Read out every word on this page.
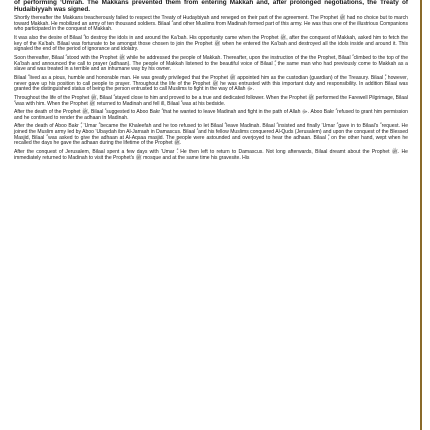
of performing ‘Umrah. The Makkans prevented them from entering Makkah and, after prolonged negotiations, the Treaty of Hudaibiyyah was signed.

Shortly thereafter the Makkans treacherously failed to respect the Treaty of Hudaybiyah and reneged on their part of the agreement. The Prophet ﷺ had no choice but to march toward Makkah. He mobilized an army of ten thousand soldiers. Bilaal ؓ and other Muslims from Madinah formed part of this army. He was thus one of the illustrious Companions who participated in the conquest of Makkah.

It was also the desire of Bilaal ؓ to destroy the idols in and around the Ka‘bah. His opportunity came when the Prophet ﷺ, after the conquest of Makkah, asked him to fetch the key of the Ka‘bah. Bilaal was fortunate to be amongst those chosen to join the Prophet ﷺ when he entered the Ka‘bah and destroyed all the idols inside and around it. This signaled the end of the period of ignorance and idolatry.

Soon thereafter, Bilaal ؓ stood with the Prophet ﷺ while he addressed the people of Makkah. Thereafter, upon the instruction of the the Prophet, Bilaal ؓ climbed to the top of the Ka‘bah and announced the call to prayer (adhaan). The people of Makkah listened to the beautiful voice of Bilaal ؓ, the same man who had previously come to Makkah as a slave and was treated in a terrible and an inhumane way by his owner.

Bilaal ؓ lived as a pious, humble and honorable man. He was greatly privileged that the Prophet ﷺ appointed him as the custodian (guardian) of the Treasury. Bilaal ؓ, however, never gave up his position to call people to prayer. Throughout the life of the Prophet ﷺ he was entrusted with this important duty and responsibility. In addition Bilaal was granted the distinguished status of being the person entrusted to call Muslims to fight in the way of Allah ﷻ.

Throughout the life of the Prophet ﷺ, Bilaal ؓ stayed close to him and proved to be a true and dedicated follower. When the Prophet ﷺ performed the Farewell Pilgrimage, Bilaal ؓ was with him. When the Prophet ﷺ returned to Madinah and fell ill, Bilaal ؓ was at his bedside.

After the death of the Prophet ﷺ, Bilaal ؓ suggested to Aboo Bakr ؓ that he wanted to leave Madinah and fight in the path of Allah ﷻ. Aboo Bakr ؓ refused to grant him permission and he continued to render the adhaan in Madinah.

After the death of Aboo Bakr ؓ, ‘Umar ؓ became the Khaleefah and he too refused to let Bilaal ؓ leave Madinah. Bilaal ؓ insisted and finally ‘Umar ؓ gave in to Bilaal's ؓ request. He joined the Muslim army led by Aboo ‘Ubaydah ibn Al-Jarraah in Damascus. Bilaal ؓ and his fellow Muslims conquered Al-Quds (Jerusalem) and upon the conquest of the Blessed Masjid, Bilaal ؓ was asked to give the adhaan at Al-Aqsaa masjid. The people were astounded and overjoyed to hear the adhaan. Bilaal ؓ, on the other hand, wept when he recalled the days he gave the adhaan during the lifetime of the Prophet ﷺ.

After the conquest of Jerusalem, Bilaal spent a few days with ‘Umar ؓ. He then left to return to Damascus. Not long afterwards, Bilaal dreamt about the Prophet ﷺ. He immediately returned to Madinah to visit the Prophet's ﷺ mosque and at the same time his gravesite. His
